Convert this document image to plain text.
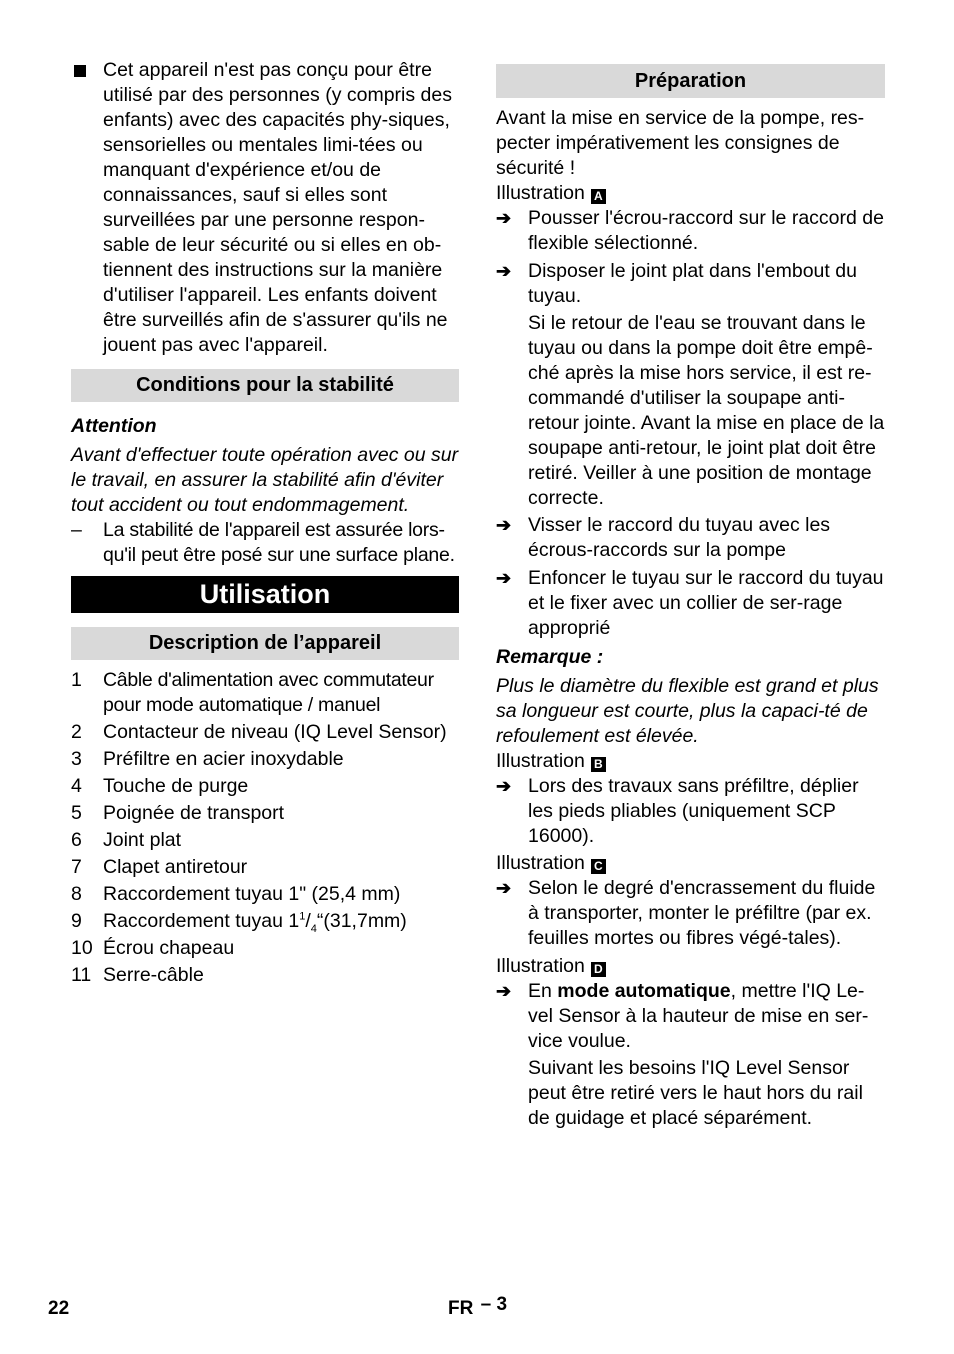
Cet appareil n'est pas conçu pour être utilisé par des personnes (y compris des enfants) avec des capacités phy-siques, sensorielles ou mentales limi-tées ou manquant d'expérience et/ou de connaissances, sauf si elles sont surveillées par une personne respon-sable de leur sécurité ou si elles en ob-tiennent des instructions sur la manière d'utiliser l'appareil. Les enfants doivent être surveillés afin de s'assurer qu'ils ne jouent pas avec l'appareil.
Conditions pour la stabilité
Attention
Avant d'effectuer toute opération avec ou sur le travail, en assurer la stabilité afin d'éviter tout accident ou tout endommagement.
– La stabilité de l'appareil est assurée lors-qu'il peut être posé sur une surface plane.
Utilisation
Description de l’appareil
1 Câble d'alimentation avec commutateur pour mode automatique / manuel
2 Contacteur de niveau (IQ Level Sensor)
3 Préfiltre en acier inoxydable
4 Touche de purge
5 Poignée de transport
6 Joint plat
7 Clapet antiretour
8 Raccordement tuyau 1" (25,4 mm)
9 Raccordement tuyau $1^1/_4“(31,7mm)$
10 Écrou chapeau
11 Serre-câble
Préparation
Avant la mise en service de la pompe, res-pecter impérativement les consignes de sécurité !
Illustration A
➔ Pousser l'écrou-raccord sur le raccord de flexible sélectionné.
➔ Disposer le joint plat dans l'embout du tuyau.
Si le retour de l'eau se trouvant dans le tuyau ou dans la pompe doit être empê-ché après la mise hors service, il est re-commandé d'utiliser la soupape anti-retour jointe. Avant la mise en place de la soupape anti-retour, le joint plat doit être retiré. Veiller à une position de montage correcte.
➔ Visser le raccord du tuyau avec les écrous-raccords sur la pompe
➔ Enfoncer le tuyau sur le raccord du tuyau et le fixer avec un collier de ser-rage approprié
Remarque :
Plus le diamètre du flexible est grand et plus sa longueur est courte, plus la capaci-té de refoulement est élevée.
Illustration B
➔ Lors des travaux sans préfiltre, déplier les pieds pliables (uniquement SCP 16000).
Illustration C
➔ Selon le degré d'encrassement du fluide à transporter, monter le préfiltre (par ex. feuilles mortes ou fibres végé-tales).
Illustration D
➔ En mode automatique, mettre l'IQ Le-vel Sensor à la hauteur de mise en ser-vice voulue.
Suivant les besoins l'IQ Level Sensor peut être retiré vers le haut hors du rail de guidage et placé séparément.
22	FR – 3
